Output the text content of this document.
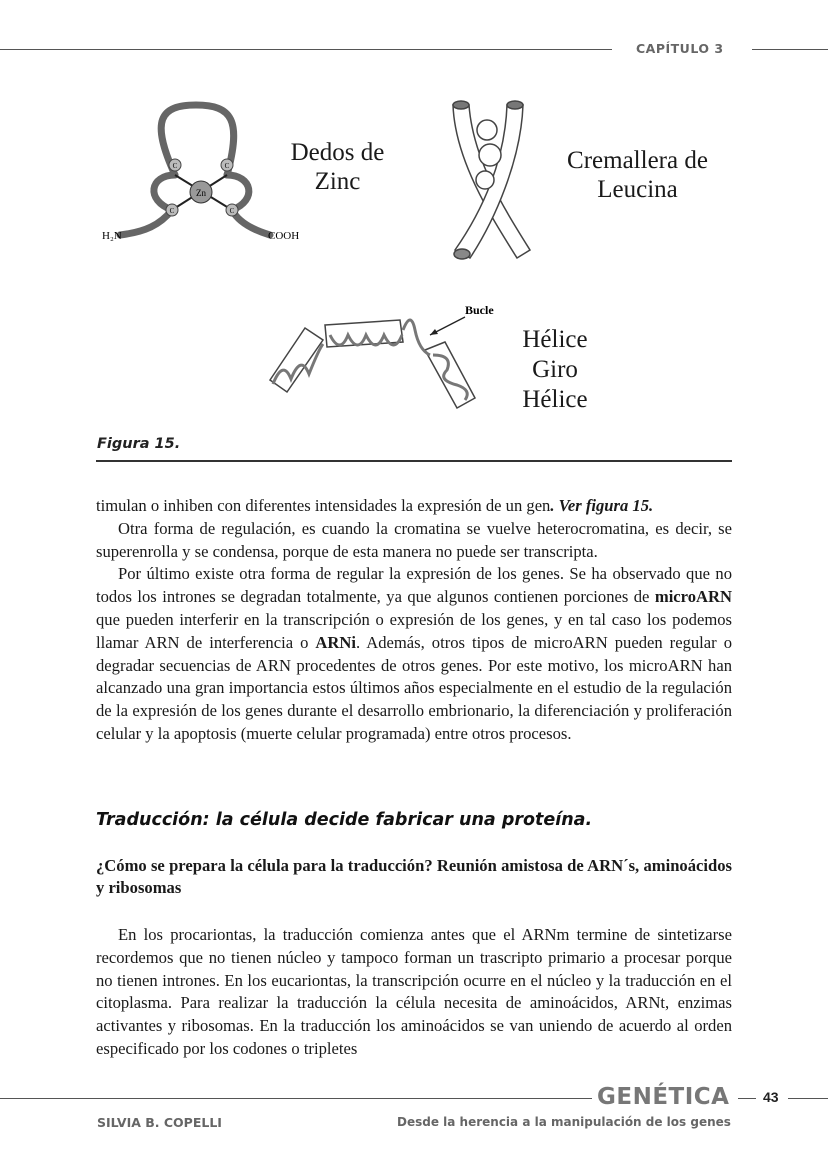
CAPÍTULO 3
Zn
C	C
C	C
H₂N	COOH
Dedos de
Zinc
Cremallera de
Leucina
Bucle
Hélice
Giro
Hélice
Figura 15.

timulan o inhiben con diferentes intensidades la expresión de un gen. Ver figura 15.

Otra forma de regulación, es cuando la cromatina se vuelve heterocromatina, es decir, se superenrolla y se condensa, porque de esta manera no puede ser transcripta.

Por último existe otra forma de regular la expresión de los genes. Se ha observado que no todos los intrones se degradan totalmente, ya que algunos contienen porciones de microARN que pueden interferir en la transcripción o expresión de los genes, y en tal caso los podemos llamar ARN de interferencia o ARNi. Además, otros tipos de microARN pueden regular o degradar secuencias de ARN procedentes de otros genes. Por este motivo, los microARN han alcanzado una gran importancia estos últimos años especialmente en el estudio de la regulación de la expresión de los genes durante el desarrollo embrionario, la diferenciación y proliferación celular y la apoptosis (muerte celular programada) entre otros procesos.

Traducción: la célula decide fabricar una proteína.
¿Cómo se prepara la célula para la traducción? Reunión amistosa de ARN´s, aminoácidos y ribosomas

En los procariontas, la traducción comienza antes que el ARNm termine de sintetizarse recordemos que no tienen núcleo y tampoco forman un trascripto primario a procesar porque no tienen intrones. En los eucariontas, la transcripción ocurre en el núcleo y la traducción en el citoplasma. Para realizar la traducción la célula necesita de aminoácidos, ARNt, enzimas activantes y ribosomas. En la traducción los aminoácidos se van uniendo de acuerdo al orden especificado por los codones o tripletes

GENÉTICA 43
SILVIA B. COPELLI	Desde la herencia a la manipulación de los genes
